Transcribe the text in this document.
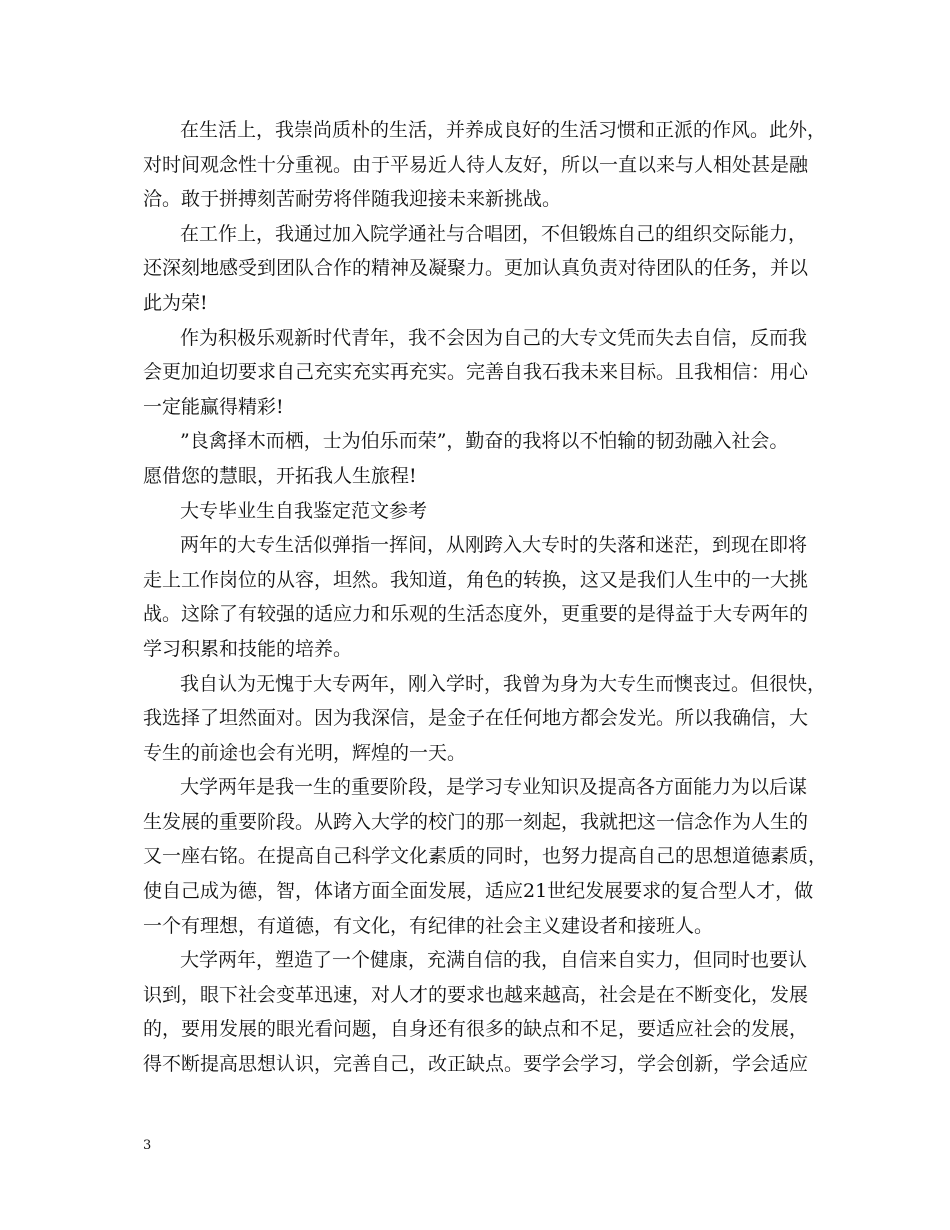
在生活上，我崇尚质朴的生活，并养成良好的生活习惯和正派的作风。此外，
对时间观念性十分重视。由于平易近人待人友好，所以一直以来与人相处甚是融
洽。敢于拼搏刻苦耐劳将伴随我迎接未来新挑战。
在工作上，我通过加入院学通社与合唱团，不但锻炼自己的组织交际能力，
还深刻地感受到团队合作的精神及凝聚力。更加认真负责对待团队的任务，并以
此为荣!
作为积极乐观新时代青年，我不会因为自己的大专文凭而失去自信，反而我
会更加迫切要求自己充实充实再充实。完善自我石我未来目标。且我相信：用心
一定能赢得精彩!
”良禽择木而栖，士为伯乐而荣”，勤奋的我将以不怕输的韧劲融入社会。
愿借您的慧眼，开拓我人生旅程!
大专毕业生自我鉴定范文参考
两年的大专生活似弹指一挥间，从刚跨入大专时的失落和迷茫，到现在即将
走上工作岗位的从容，坦然。我知道，角色的转换，这又是我们人生中的一大挑
战。这除了有较强的适应力和乐观的生活态度外，更重要的是得益于大专两年的
学习积累和技能的培养。
我自认为无愧于大专两年，刚入学时，我曾为身为大专生而懊丧过。但很快，
我选择了坦然面对。因为我深信，是金子在任何地方都会发光。所以我确信，大
专生的前途也会有光明，辉煌的一天。
大学两年是我一生的重要阶段，是学习专业知识及提高各方面能力为以后谋
生发展的重要阶段。从跨入大学的校门的那一刻起，我就把这一信念作为人生的
又一座右铭。在提高自己科学文化素质的同时，也努力提高自己的思想道德素质，
使自己成为德，智，体诸方面全面发展，适应21世纪发展要求的复合型人才，做
一个有理想，有道德，有文化，有纪律的社会主义建设者和接班人。
大学两年，塑造了一个健康，充满自信的我，自信来自实力，但同时也要认
识到，眼下社会变革迅速，对人才的要求也越来越高，社会是在不断变化，发展
的，要用发展的眼光看问题，自身还有很多的缺点和不足，要适应社会的发展，
得不断提高思想认识，完善自己，改正缺点。要学会学习，学会创新，学会适应
3
